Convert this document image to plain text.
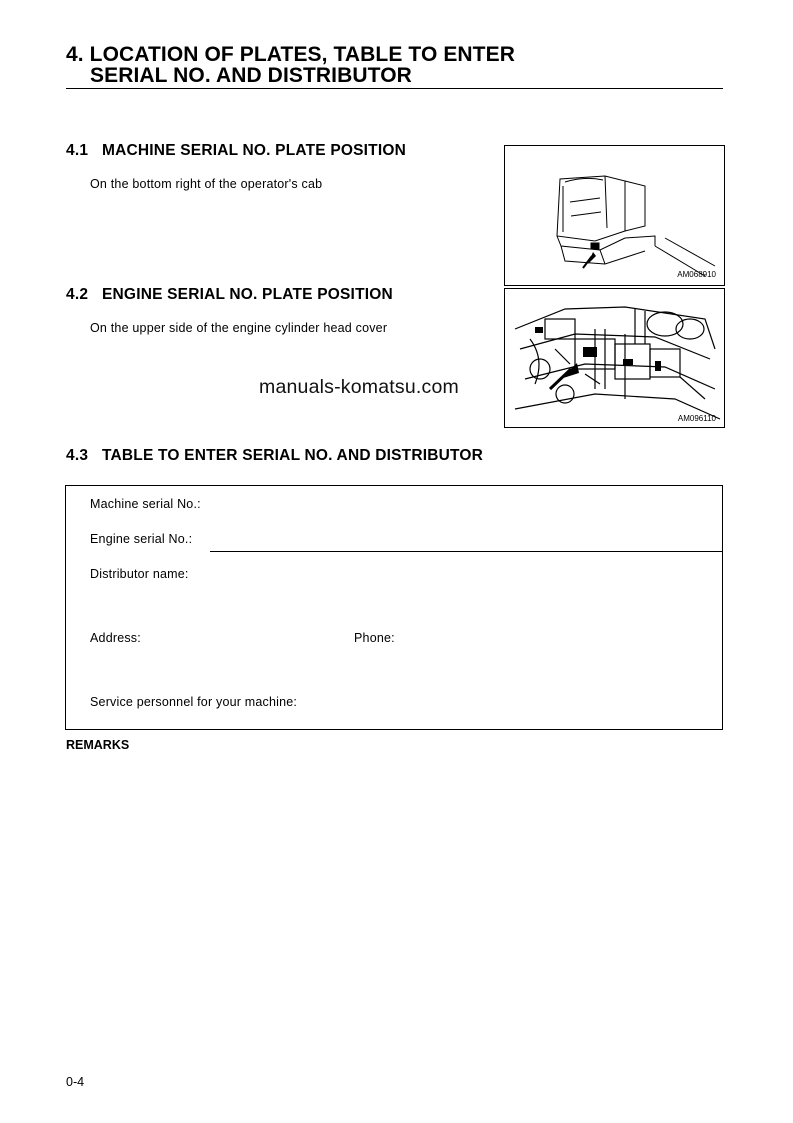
4. LOCATION OF PLATES, TABLE TO ENTER
SERIAL NO. AND DISTRIBUTOR
4.1 MACHINE SERIAL NO. PLATE POSITION
On the bottom right of the operator's cab
AM068910
4.2 ENGINE SERIAL NO. PLATE POSITION
On the upper side of the engine cylinder head cover
AM096110
manuals-komatsu.com
4.3 TABLE TO ENTER SERIAL NO. AND DISTRIBUTOR
Machine serial No.:
Engine serial No.:
Distributor name:
Address:	Phone:
Service personnel for your machine:
REMARKS
0-4
